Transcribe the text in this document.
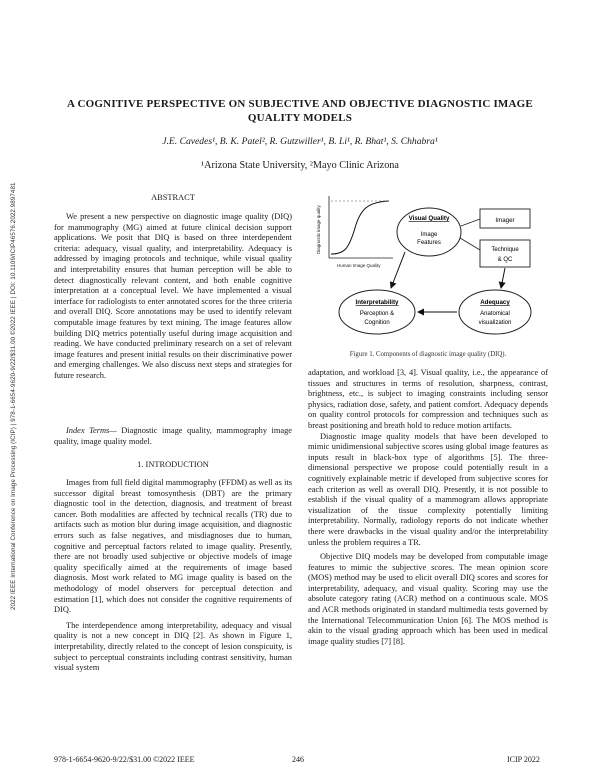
2022 IEEE International Conference on Image Processing (ICIP) | 978-1-6654-9620-9/22/$31.00 ©2022 IEEE | DOI: 10.1109/ICIP46576.2022.9897481
A COGNITIVE PERSPECTIVE ON SUBJECTIVE AND OBJECTIVE DIAGNOSTIC IMAGE
QUALITY MODELS
J.E. Cavedes¹, B. K. Patel², R. Gutzwiller¹, B. Li¹, R. Bhat¹, S. Chhabra¹
¹Arizona State University, ²Mayo Clinic Arizona
ABSTRACT

We present a new perspective on diagnostic image quality (DIQ) for mammography (MG) aimed at future clinical decision support applications. We posit that DIQ is based on three interdependent criteria: adequacy, visual quality, and interpretability. Adequacy is addressed by imaging protocols and technique, while visual quality and interpretability ensures that human perception will be able to detect diagnostically relevant content, and both enable cognitive interpretation at a conceptual level. We have implemented a visual interface for radiologists to enter annotated scores for the three criteria and overall DIQ. Score annotations may be used to identify relevant computable image features by text mining. The image features allow building DIQ metrics potentially useful during image acquisition and reading. We have conducted preliminary research on a set of relevant image features and present initial results on their discriminative power and emerging challenges. We also discuss next steps and strategies for future research.

Index Terms— Diagnostic image quality, mammography image quality, image quality model.

1. INTRODUCTION

Images from full field digital mammography (FFDM) as well as its successor digital breast tomosynthesis (DBT) are the primary diagnostic tool in the detection, diagnosis, and treatment of breast cancer. Both modalities are affected by technical recalls (TR) due to artifacts such as motion blur during image acquisition, and diagnostic errors such as false negatives, and misdiagnoses due to human, cognitive and perceptual factors related to image quality. Presently, there are not broadly used subjective or objective models of image quality specifically aimed at the requirements of image based diagnosis. Most work related to MG image quality is based on the methodology of model observers for perceptual detection and estimation [1], which does not consider the cognitive requirements of DIQ.

The interdependence among interpretability, adequacy and visual quality is not a new concept in DIQ [2]. As shown in Figure 1, interpretability, directly related to the concept of lesion conspicuity, is subject to perceptual constraints including contrast sensitivity, human visual system

Diagnostic image quality
Human Image Quality
Visual Quality
Image
Features
Imager
Technique
& QC
Interpretability
Perception &
Cognition
Adequacy
Anatomical
visualization
Figure 1. Components of diagnostic image quality (DIQ).

adaptation, and workload [3, 4]. Visual quality, i.e., the appearance of tissues and structures in terms of resolution, sharpness, contrast, brightness, etc., is subject to imaging constraints including sensor physics, radiation dose, safety, and patient comfort. Adequacy depends on quality control protocols for compression and techniques such as breast positioning and breath hold to reduce motion artifacts.

Diagnostic image quality models that have been developed to mimic unidimensional subjective scores using global image features as inputs result in black-box type of algorithms [5]. The three-dimensional perspective we propose could potentially result in a cognitively explainable metric if developed from subjective scores for each criterion as well as overall DIQ. Presently, it is not possible to establish if the visual quality of a mammogram allows appropriate visualization of the tissue complexity potentially limiting interpretability. Normally, radiology reports do not indicate whether there were drawbacks in the visual quality and/or the interpretability unless the problem requires a TR.

Objective DIQ models may be developed from computable image features to mimic the subjective scores. The mean opinion score (MOS) method may be used to elicit overall DIQ scores and scores for interpretability, adequacy, and visual quality. Scoring may use the absolute category rating (ACR) method on a continuous scale. MOS and ACR methods originated in standard multimedia tests governed by the International Telecommunication Union [6]. The MOS method is akin to the visual grading approach which has been used in medical image quality studies [7] [8].

978-1-6654-9620-9/22/$31.00 ©2022 IEEE	246	ICIP 2022
